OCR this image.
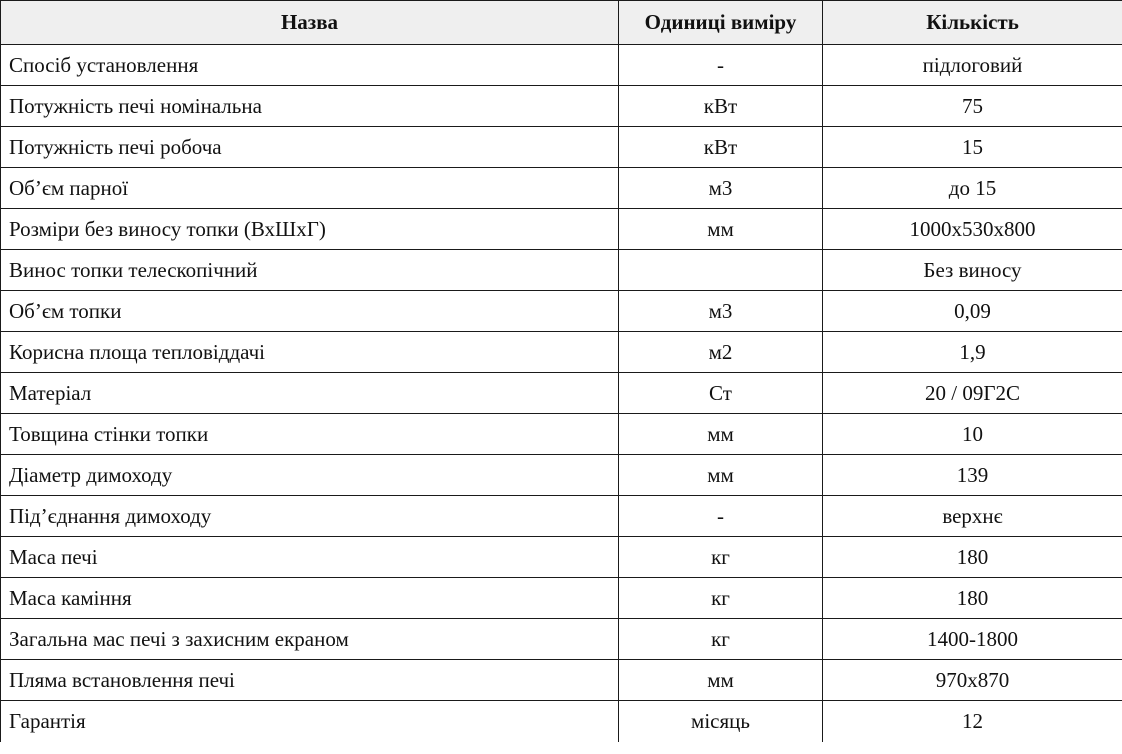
Назва	Одиниці виміру	Кількість
Спосіб установлення	-	підлоговий
Потужність печі номінальна	кВт	75
Потужність печі робоча	кВт	15
Об’єм парної	м3	до 15
Розміри без виносу топки (ВхШхГ)	мм	1000х530х800
Винос топки телескопічний		Без виносу
Об’єм топки	м3	0,09
Корисна площа тепловіддачі	м2	1,9
Матеріал	Ст	20 / 09Г2С
Товщина стінки топки	мм	10
Діаметр димоходу	мм	139
Під’єднання димоходу	-	верхнє
Маса печі	кг	180
Маса каміння	кг	180
Загальна мас печі з захисним екраном	кг	1400-1800
Пляма встановлення печі	мм	970х870
Гарантія	місяць	12
